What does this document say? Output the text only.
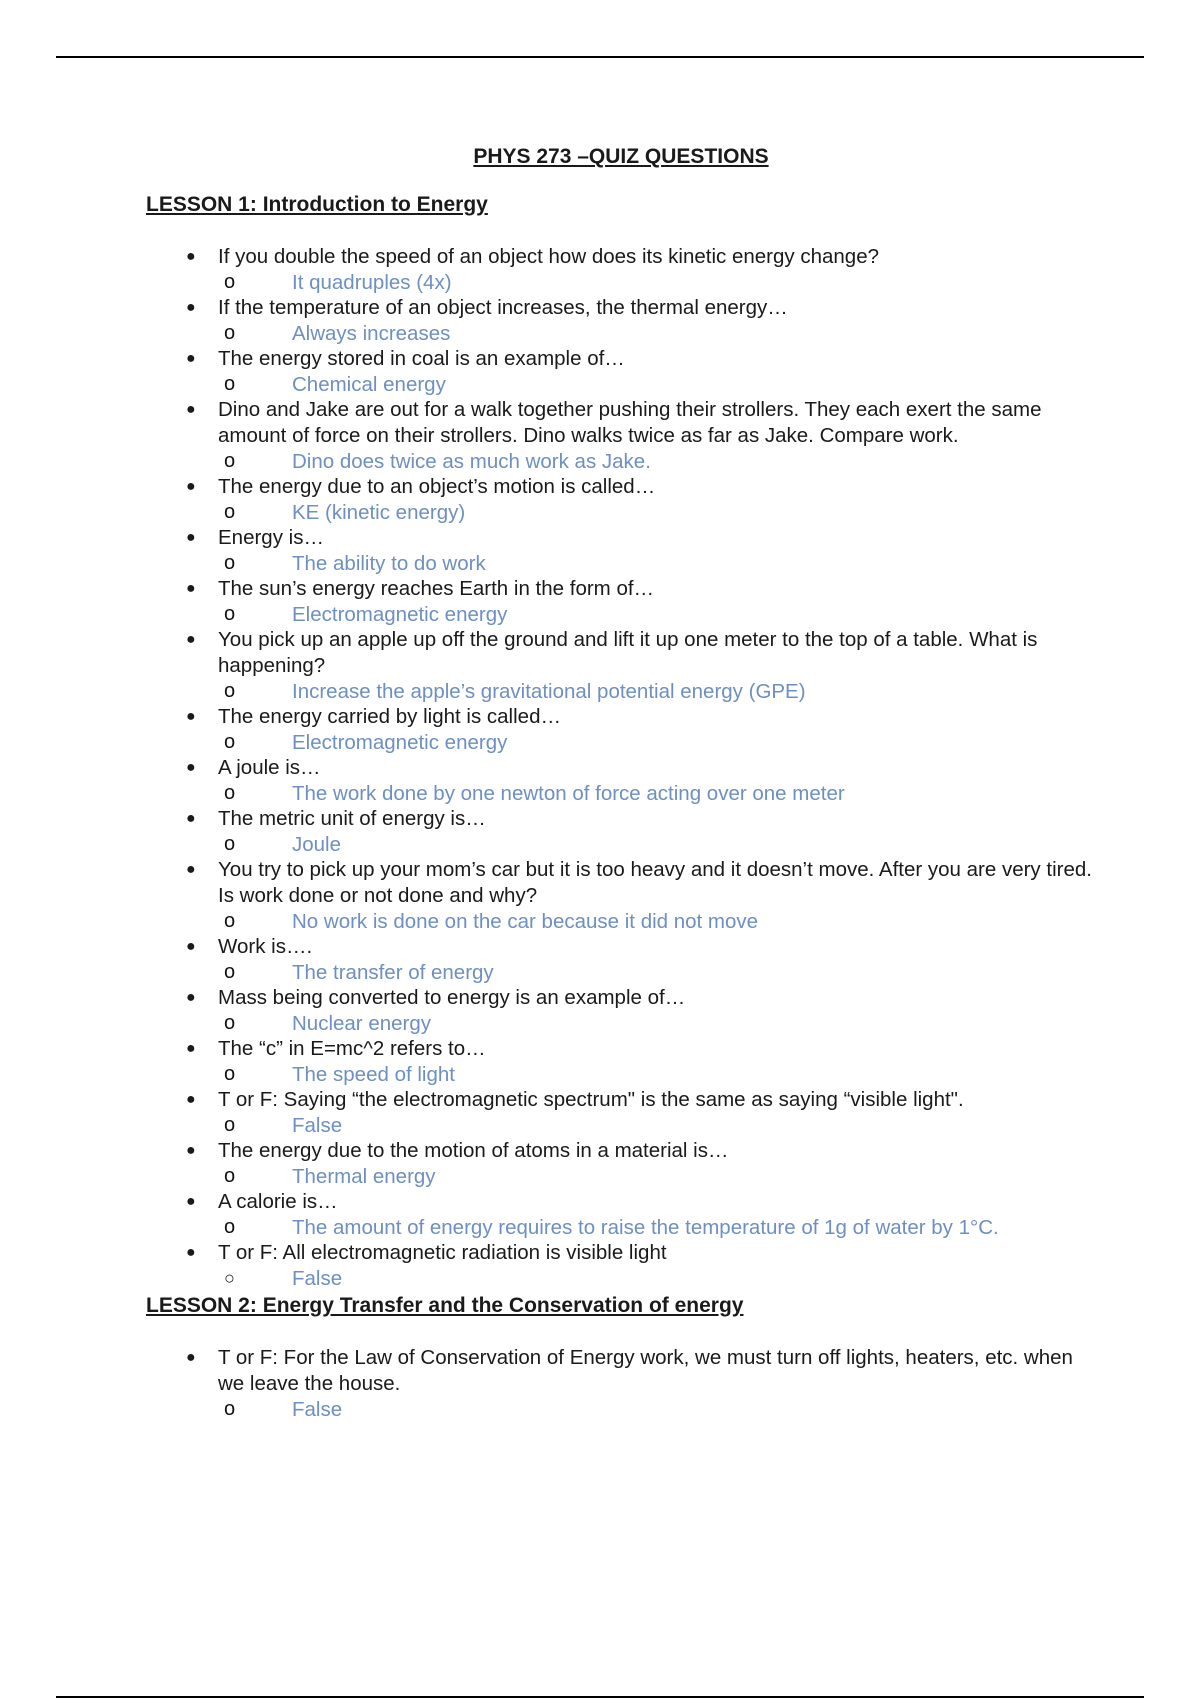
PHYS 273 –QUIZ QUESTIONS
LESSON 1: Introduction to Energy
● If you double the speed of an object how does its kinetic energy change?
o	It quadruples (4x)
● If the temperature of an object increases, the thermal energy…
o	Always increases
● The energy stored in coal is an example of…
o	Chemical energy
● Dino and Jake are out for a walk together pushing their strollers. They each exert the same amount of force on their strollers. Dino walks twice as far as Jake. Compare work.
o	Dino does twice as much work as Jake.
● The energy due to an object’s motion is called…
o	KE (kinetic energy)
● Energy is…
o	The ability to do work
● The sun’s energy reaches Earth in the form of…
o	Electromagnetic energy
● You pick up an apple up off the ground and lift it up one meter to the top of a table. What is happening?
o	Increase the apple’s gravitational potential energy (GPE)
● The energy carried by light is called…
o	Electromagnetic energy
● A joule is…
o	The work done by one newton of force acting over one meter
● The metric unit of energy is…
o	Joule
● You try to pick up your mom’s car but it is too heavy and it doesn’t move. After you are very tired. Is work done or not done and why?
o	No work is done on the car because it did not move
● Work is….
o	The transfer of energy
● Mass being converted to energy is an example of…
o	Nuclear energy
● The “c” in E=mc^2 refers to…
o	The speed of light
● T or F: Saying “the electromagnetic spectrum" is the same as saying “visible light".
o	False
● The energy due to the motion of atoms in a material is…
o	Thermal energy
● A calorie is…
o	The amount of energy requires to raise the temperature of 1g of water by 1°C.
● T or F: All electromagnetic radiation is visible light
○	False
LESSON 2: Energy Transfer and the Conservation of energy
● T or F: For the Law of Conservation of Energy work, we must turn off lights, heaters, etc. when we leave the house.
o	False
